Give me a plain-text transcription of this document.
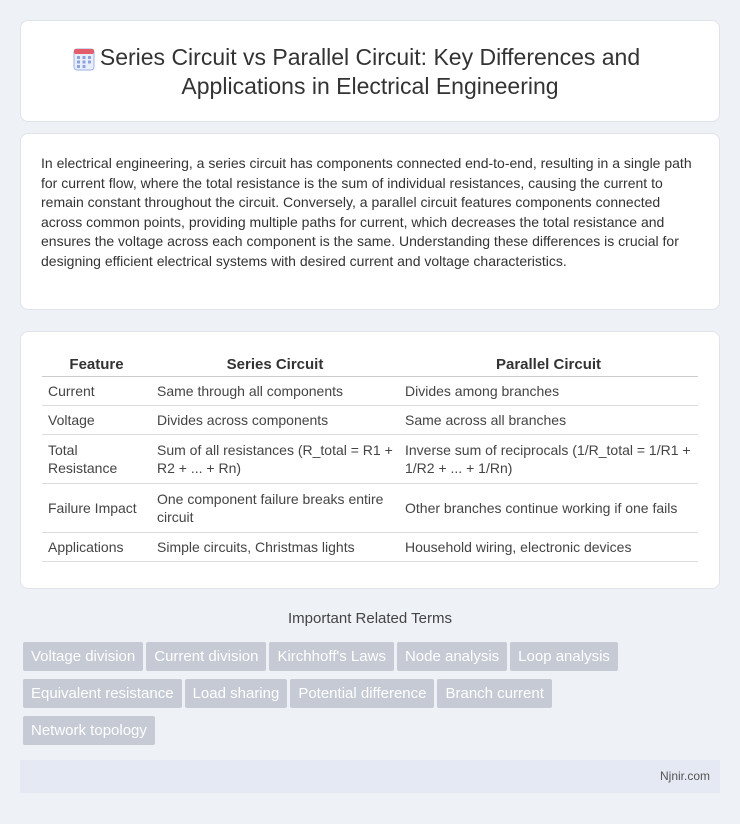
Series Circuit vs Parallel Circuit: Key Differences and
Applications in Electrical Engineering

In electrical engineering, a series circuit has components connected end-to-end, resulting in a single path for current flow, where the total resistance is the sum of individual resistances, causing the current to remain constant throughout the circuit. Conversely, a parallel circuit features components connected across common points, providing multiple paths for current, which decreases the total resistance and ensures the voltage across each component is the same. Understanding these differences is crucial for designing efficient electrical systems with desired current and voltage characteristics.

Feature	Series Circuit	Parallel Circuit
Current	Same through all components	Divides among branches
Voltage	Divides across components	Same across all branches
Total Resistance	Sum of all resistances (R_total = R1 + R2 + ... + Rn)	Inverse sum of reciprocals (1/R_total = 1/R1 + 1/R2 + ... + 1/Rn)
Failure Impact	One component failure breaks entire circuit	Other branches continue working if one fails
Applications	Simple circuits, Christmas lights	Household wiring, electronic devices
Important Related Terms
Voltage division Current division Kirchhoff's Laws Node analysis Loop analysis
Equivalent resistance Load sharing Potential difference Branch current
Network topology
Njnir.com
